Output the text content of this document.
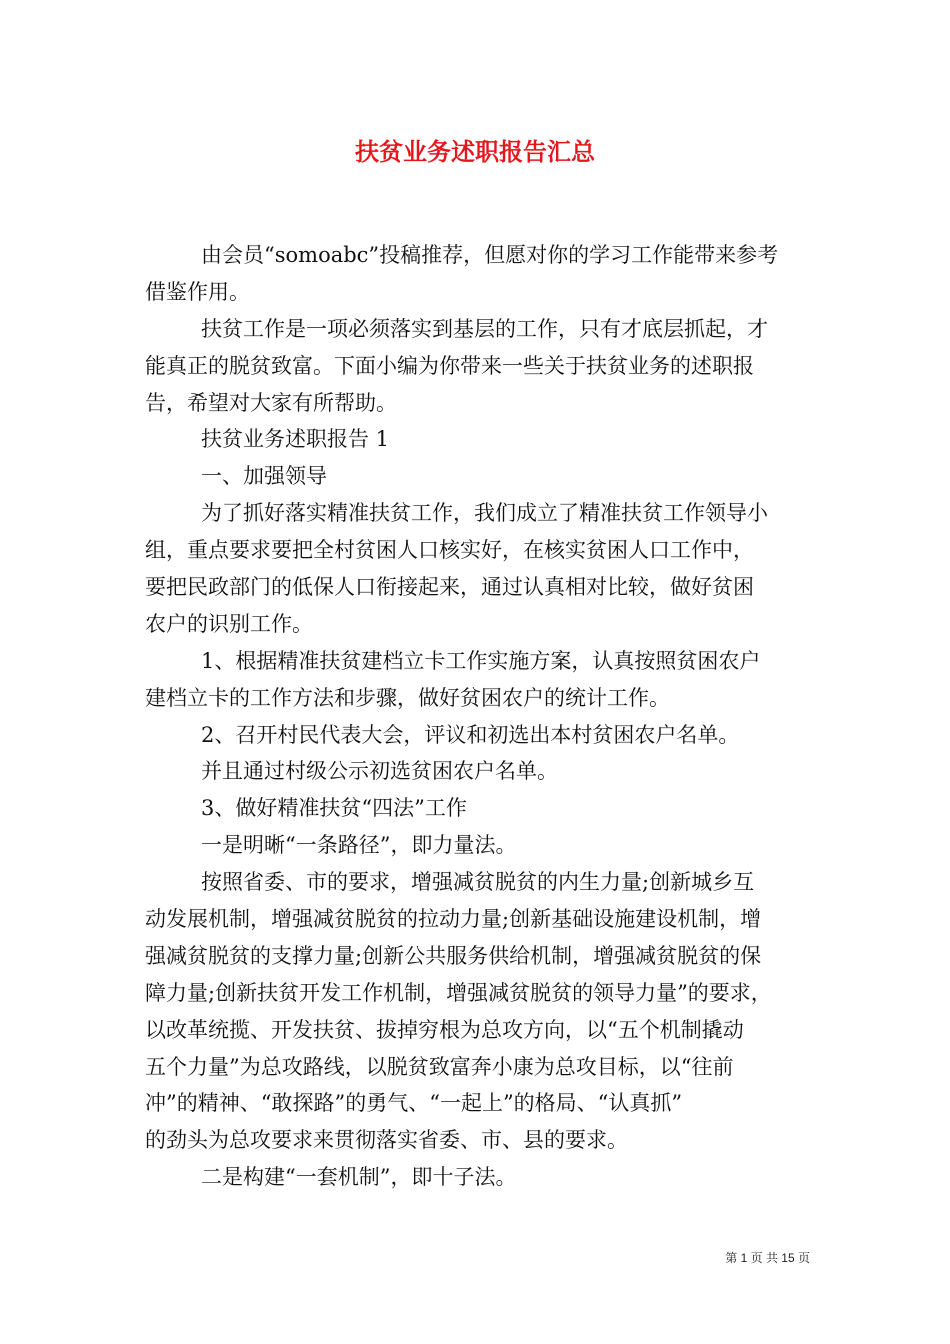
扶贫业务述职报告汇总
由会员“somoabc”投稿推荐，但愿对你的学习工作能带来参考
借鉴作用。
扶贫工作是一项必须落实到基层的工作，只有才底层抓起，才
能真正的脱贫致富。下面小编为你带来一些关于扶贫业务的述职报
告，希望对大家有所帮助。
扶贫业务述职报告 1
一、加强领导
为了抓好落实精准扶贫工作，我们成立了精准扶贫工作领导小
组，重点要求要把全村贫困人口核实好，在核实贫困人口工作中，
要把民政部门的低保人口衔接起来，通过认真相对比较，做好贫困
农户的识别工作。
1、根据精准扶贫建档立卡工作实施方案，认真按照贫困农户
建档立卡的工作方法和步骤，做好贫困农户的统计工作。
2、召开村民代表大会，评议和初选出本村贫困农户名单。
并且通过村级公示初选贫困农户名单。
3、做好精准扶贫“四法”工作
一是明晰“一条路径”，即力量法。
按照省委、市的要求，增强减贫脱贫的内生力量;创新城乡互
动发展机制，增强减贫脱贫的拉动力量;创新基础设施建设机制，增
强减贫脱贫的支撑力量;创新公共服务供给机制，增强减贫脱贫的保
障力量;创新扶贫开发工作机制，增强减贫脱贫的领导力量”的要求，
以改革统揽、开发扶贫、拔掉穷根为总攻方向，以“五个机制撬动
五个力量”为总攻路线，以脱贫致富奔小康为总攻目标，以“往前
冲”的精神、“敢探路”的勇气、“一起上”的格局、“认真抓”
的劲头为总攻要求来贯彻落实省委、市、县的要求。
二是构建“一套机制”，即十子法。
第 1 页 共 15 页
